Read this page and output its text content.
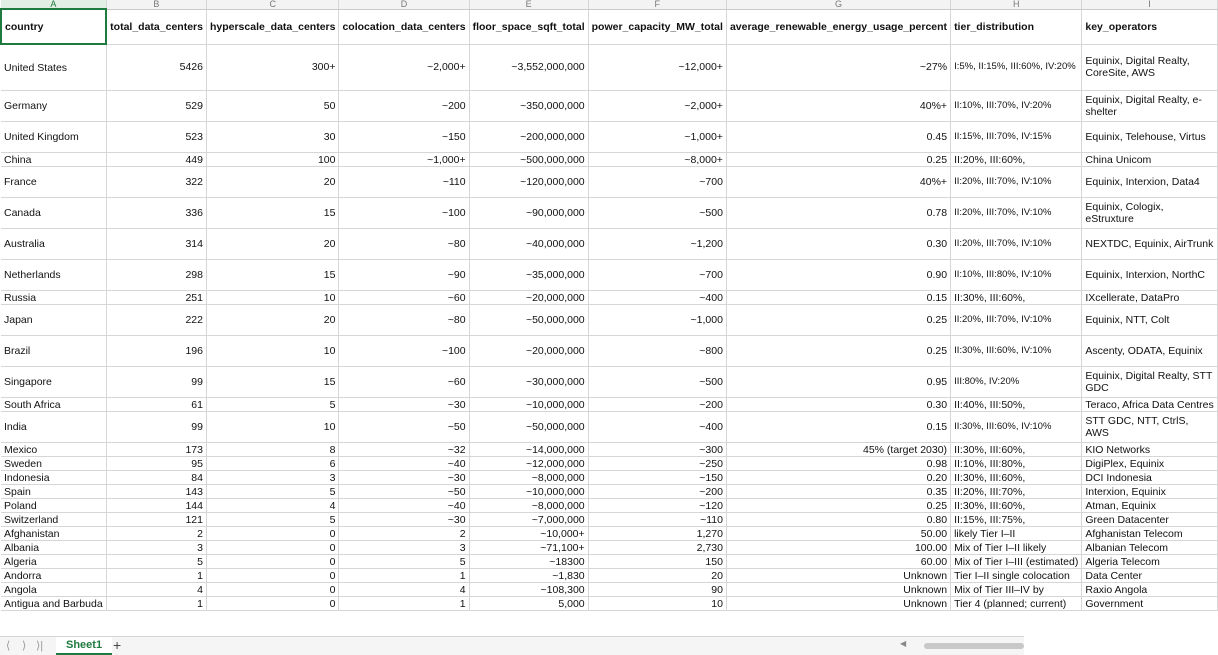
A	B	C	D	E	F	G	H	I
country	total_data_centers	hyperscale_data_centers	colocation_data_centers	floor_space_sqft_total	power_capacity_MW_total	average_renewable_energy_usage_percent	tier_distribution	key_operators
United States	5426	300+	~2,000+	~3,552,000,000	~12,000+	~27%	I:5%, II:15%, III:60%, IV:20%	Equinix, Digital Realty, CoreSite, AWS
Germany	529	50	~200	~350,000,000	~2,000+	40%+	II:10%, III:70%, IV:20%	Equinix, Digital Realty, e-shelter
United Kingdom	523	30	~150	~200,000,000	~1,000+	0.45	II:15%, III:70%, IV:15%	Equinix, Telehouse, Virtus
China	449	100	~1,000+	~500,000,000	~8,000+	0.25	II:20%, III:60%,	China Unicom
France	322	20	~110	~120,000,000	~700	40%+	II:20%, III:70%, IV:10%	Equinix, Interxion, Data4
Canada	336	15	~100	~90,000,000	~500	0.78	II:20%, III:70%, IV:10%	Equinix, Cologix, eStruxture
Australia	314	20	~80	~40,000,000	~1,200	0.30	II:20%, III:70%, IV:10%	NEXTDC, Equinix, AirTrunk
Netherlands	298	15	~90	~35,000,000	~700	0.90	II:10%, III:80%, IV:10%	Equinix, Interxion, NorthC
Russia	251	10	~60	~20,000,000	~400	0.15	II:30%, III:60%,	IXcellerate, DataPro
Japan	222	20	~80	~50,000,000	~1,000	0.25	II:20%, III:70%, IV:10%	Equinix, NTT, Colt
Brazil	196	10	~100	~20,000,000	~800	0.25	II:30%, III:60%, IV:10%	Ascenty, ODATA, Equinix
Singapore	99	15	~60	~30,000,000	~500	0.95	III:80%, IV:20%	Equinix, Digital Realty, STT GDC
South Africa	61	5	~30	~10,000,000	~200	0.30	II:40%, III:50%,	Teraco, Africa Data Centres
India	99	10	~50	~50,000,000	~400	0.15	II:30%, III:60%, IV:10%	STT GDC, NTT, CtrlS, AWS
Mexico	173	8	~32	~14,000,000	~300	45% (target 2030)	II:30%, III:60%,	KIO Networks
Sweden	95	6	~40	~12,000,000	~250	0.98	II:10%, III:80%,	DigiPlex, Equinix
Indonesia	84	3	~30	~8,000,000	~150	0.20	II:30%, III:60%,	DCI Indonesia
Spain	143	5	~50	~10,000,000	~200	0.35	II:20%, III:70%,	Interxion, Equinix
Poland	144	4	~40	~8,000,000	~120	0.25	II:30%, III:60%,	Atman, Equinix
Switzerland	121	5	~30	~7,000,000	~110	0.80	II:15%, III:75%,	Green Datacenter
Afghanistan	2	0	2	~10,000+	1,270	50.00	likely Tier I–II	Afghanistan Telecom
Albania	3	0	3	~71,100+	2,730	100.00	Mix of Tier I–II likely	Albanian Telecom
Algeria	5	0	5	~18300	150	60.00	Mix of Tier I–III (estimated)	Algeria Telecom
Andorra	1	0	1	~1,830	20	Unknown	Tier I–II single colocation	Data Center
Angola	4	0	4	~108,300	90	Unknown	Mix of Tier III–IV by	Raxio Angola
Antigua and Barbuda	1	0	1	5,000	10	Unknown	Tier 4 (planned; current)	Government
⟨ ⟩ ⟩|	Sheet1 +	◀
